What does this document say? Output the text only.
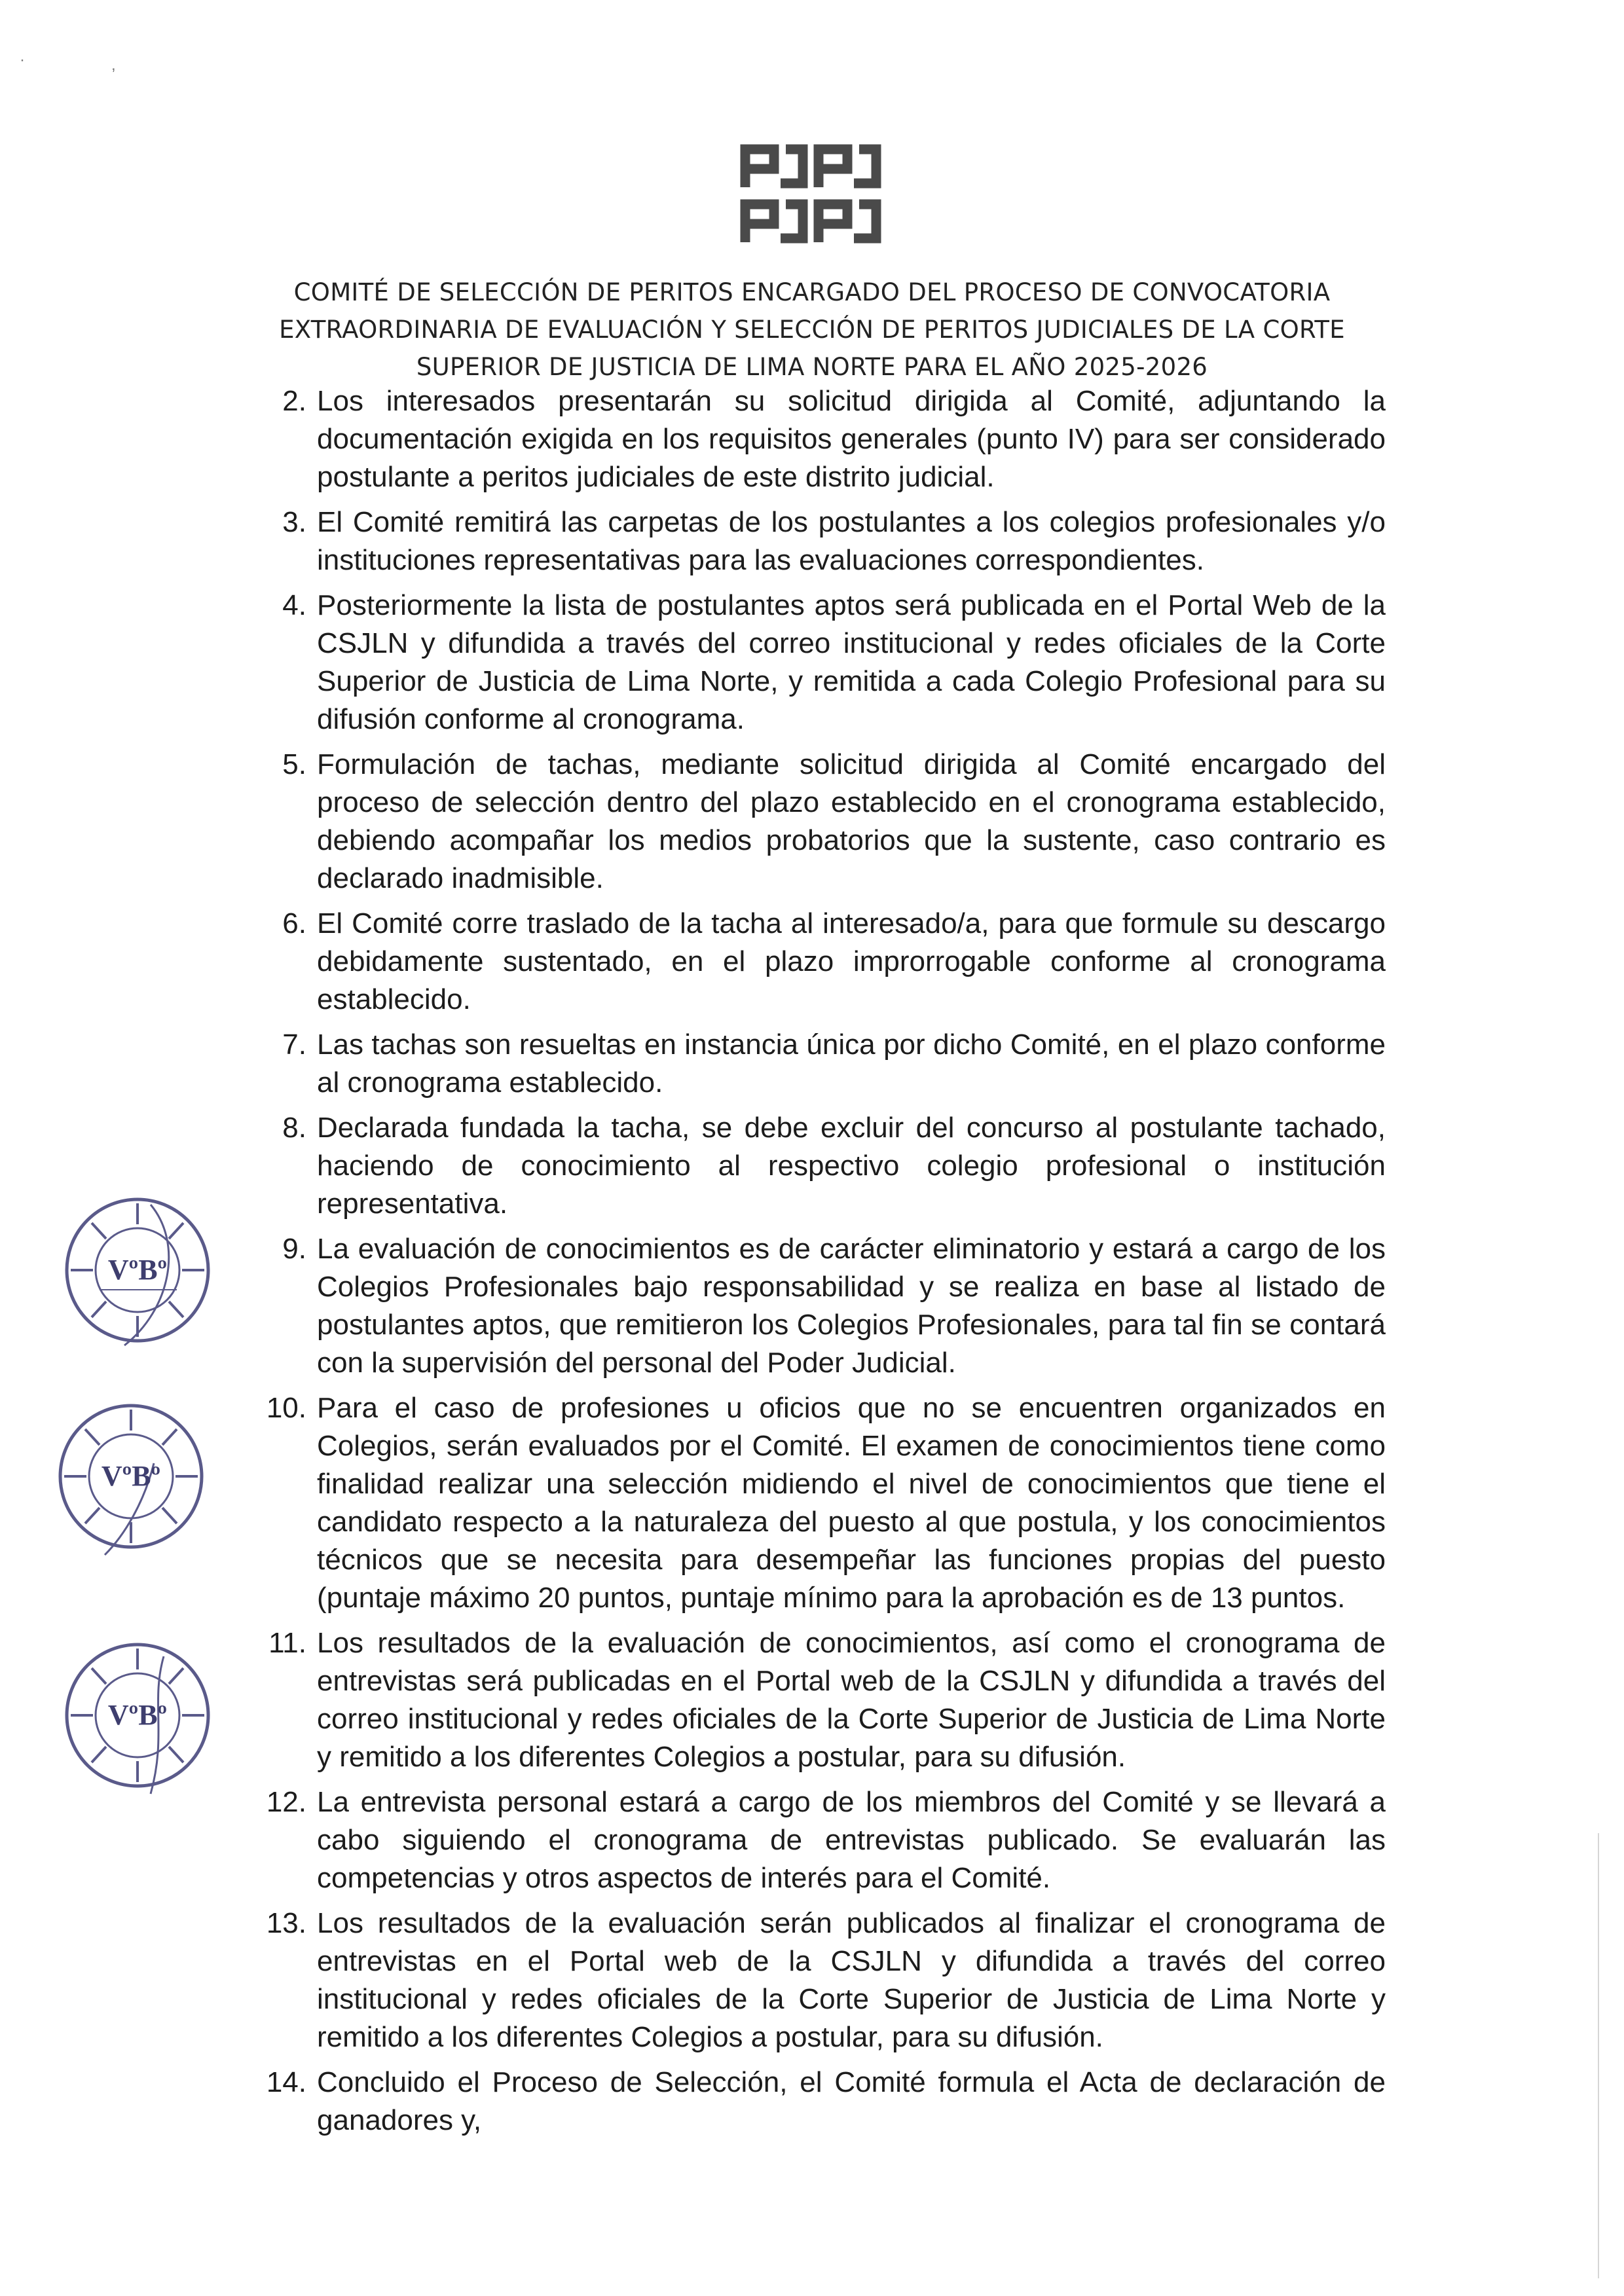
·	,
COMITÉ DE SELECCIÓN DE PERITOS ENCARGADO DEL PROCESO DE CONVOCATORIA
EXTRAORDINARIA DE EVALUACIÓN Y SELECCIÓN DE PERITOS JUDICIALES DE LA CORTE
SUPERIOR DE JUSTICIA DE LIMA NORTE PARA EL AÑO 2025-2026
2. Los interesados presentarán su solicitud dirigida al Comité, adjuntando la documentación exigida en los requisitos generales (punto IV) para ser considerado postulante a peritos judiciales de este distrito judicial.
3. El Comité remitirá las carpetas de los postulantes a los colegios profesionales y/o instituciones representativas para las evaluaciones correspondientes.
4. Posteriormente la lista de postulantes aptos será publicada en el Portal Web de la CSJLN y difundida a través del correo institucional y redes oficiales de la Corte Superior de Justicia de Lima Norte, y remitida a cada Colegio Profesional para su difusión conforme al cronograma.
5. Formulación de tachas, mediante solicitud dirigida al Comité encargado del proceso de selección dentro del plazo establecido en el cronograma establecido, debiendo acompañar los medios probatorios que la sustente, caso contrario es declarado inadmisible.
6. El Comité corre traslado de la tacha al interesado/a, para que formule su descargo debidamente sustentado, en el plazo improrrogable conforme al cronograma establecido.
7. Las tachas son resueltas en instancia única por dicho Comité, en el plazo conforme al cronograma establecido.
8. Declarada fundada la tacha, se debe excluir del concurso al postulante tachado, haciendo de conocimiento al respectivo colegio profesional o institución representativa.
9. La evaluación de conocimientos es de carácter eliminatorio y estará a cargo de los Colegios Profesionales bajo responsabilidad y se realiza en base al listado de postulantes aptos, que remitieron los Colegios Profesionales, para tal fin se contará con la supervisión del personal del Poder Judicial.
10. Para el caso de profesiones u oficios que no se encuentren organizados en Colegios, serán evaluados por el Comité. El examen de conocimientos tiene como finalidad realizar una selección midiendo el nivel de conocimientos que tiene el candidato respecto a la naturaleza del puesto al que postula, y los conocimientos técnicos que se necesita para desempeñar las funciones propias del puesto (puntaje máximo 20 puntos, puntaje mínimo para la aprobación es de 13 puntos.
11. Los resultados de la evaluación de conocimientos, así como el cronograma de entrevistas será publicadas en el Portal web de la CSJLN y difundida a través del correo institucional y redes oficiales de la Corte Superior de Justicia de Lima Norte y remitido a los diferentes Colegios a postular, para su difusión.
12. La entrevista personal estará a cargo de los miembros del Comité y se llevará a cabo siguiendo el cronograma de entrevistas publicado. Se evaluarán las competencias y otros aspectos de interés para el Comité.
13. Los resultados de la evaluación serán publicados al finalizar el cronograma de entrevistas en el Portal web de la CSJLN y difundida a través del correo institucional y redes oficiales de la Corte Superior de Justicia de Lima Norte y remitido a los diferentes Colegios a postular, para su difusión.
14. Concluido el Proceso de Selección, el Comité formula el Acta de declaración de ganadores y,
VºBº
VºBº
VºBº
